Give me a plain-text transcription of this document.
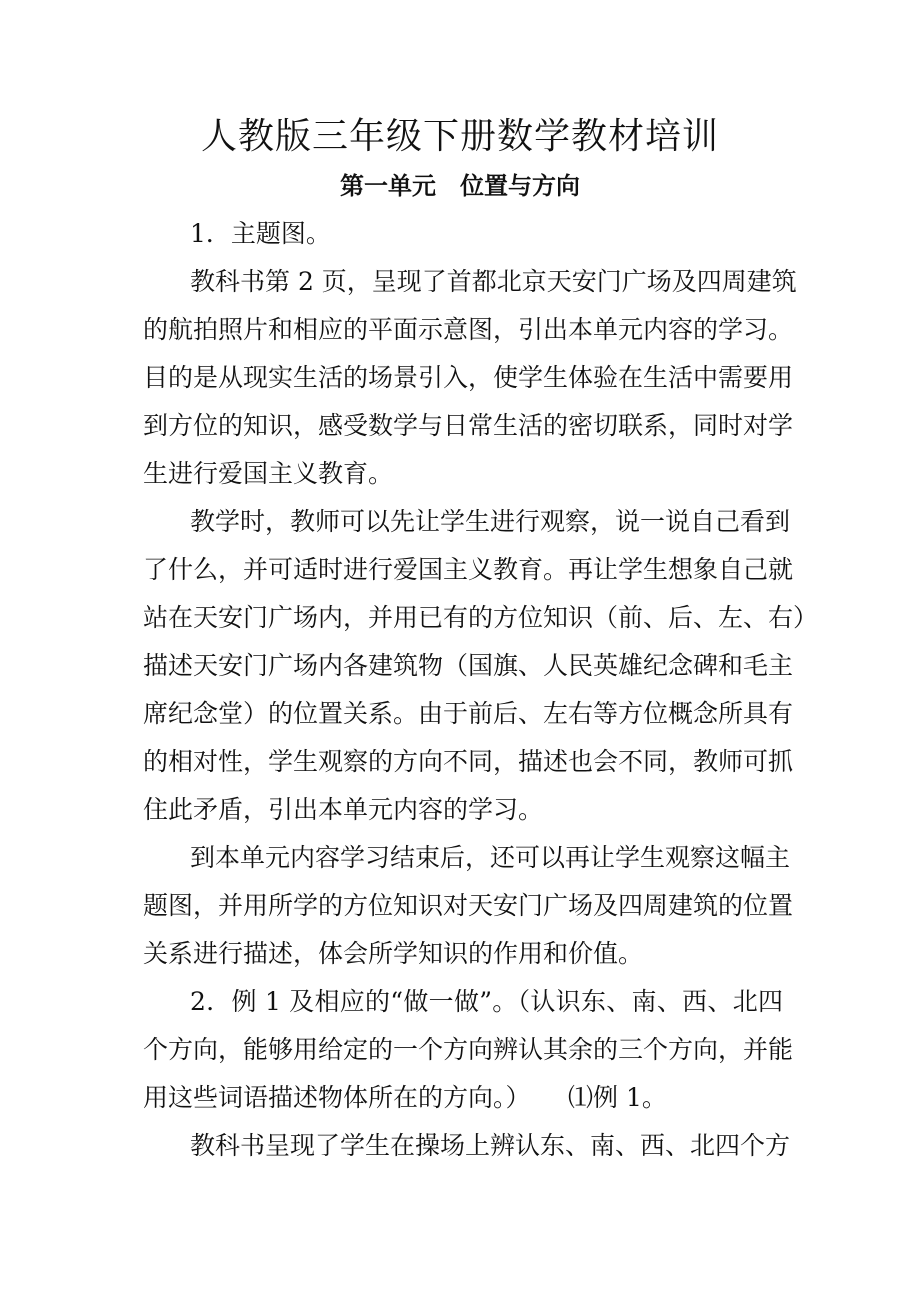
人教版三年级下册数学教材培训
第一单元　位置与方向
1．主题图。
教科书第 2 页，呈现了首都北京天安门广场及四周建筑
的航拍照片和相应的平面示意图，引出本单元内容的学习。
目的是从现实生活的场景引入，使学生体验在生活中需要用
到方位的知识，感受数学与日常生活的密切联系，同时对学
生进行爱国主义教育。
教学时，教师可以先让学生进行观察，说一说自己看到
了什么，并可适时进行爱国主义教育。再让学生想象自己就
站在天安门广场内，并用已有的方位知识（前、后、左、右）
描述天安门广场内各建筑物（国旗、人民英雄纪念碑和毛主
席纪念堂）的位置关系。由于前后、左右等方位概念所具有
的相对性，学生观察的方向不同，描述也会不同，教师可抓
住此矛盾，引出本单元内容的学习。
到本单元内容学习结束后，还可以再让学生观察这幅主
题图，并用所学的方位知识对天安门广场及四周建筑的位置
关系进行描述，体会所学知识的作用和价值。
2．例 1 及相应的“做一做”。（认识东、南、西、北四
个方向，能够用给定的一个方向辨认其余的三个方向，并能
用这些词语描述物体所在的方向。）　　⑴例 1。
教科书呈现了学生在操场上辨认东、南、西、北四个方
